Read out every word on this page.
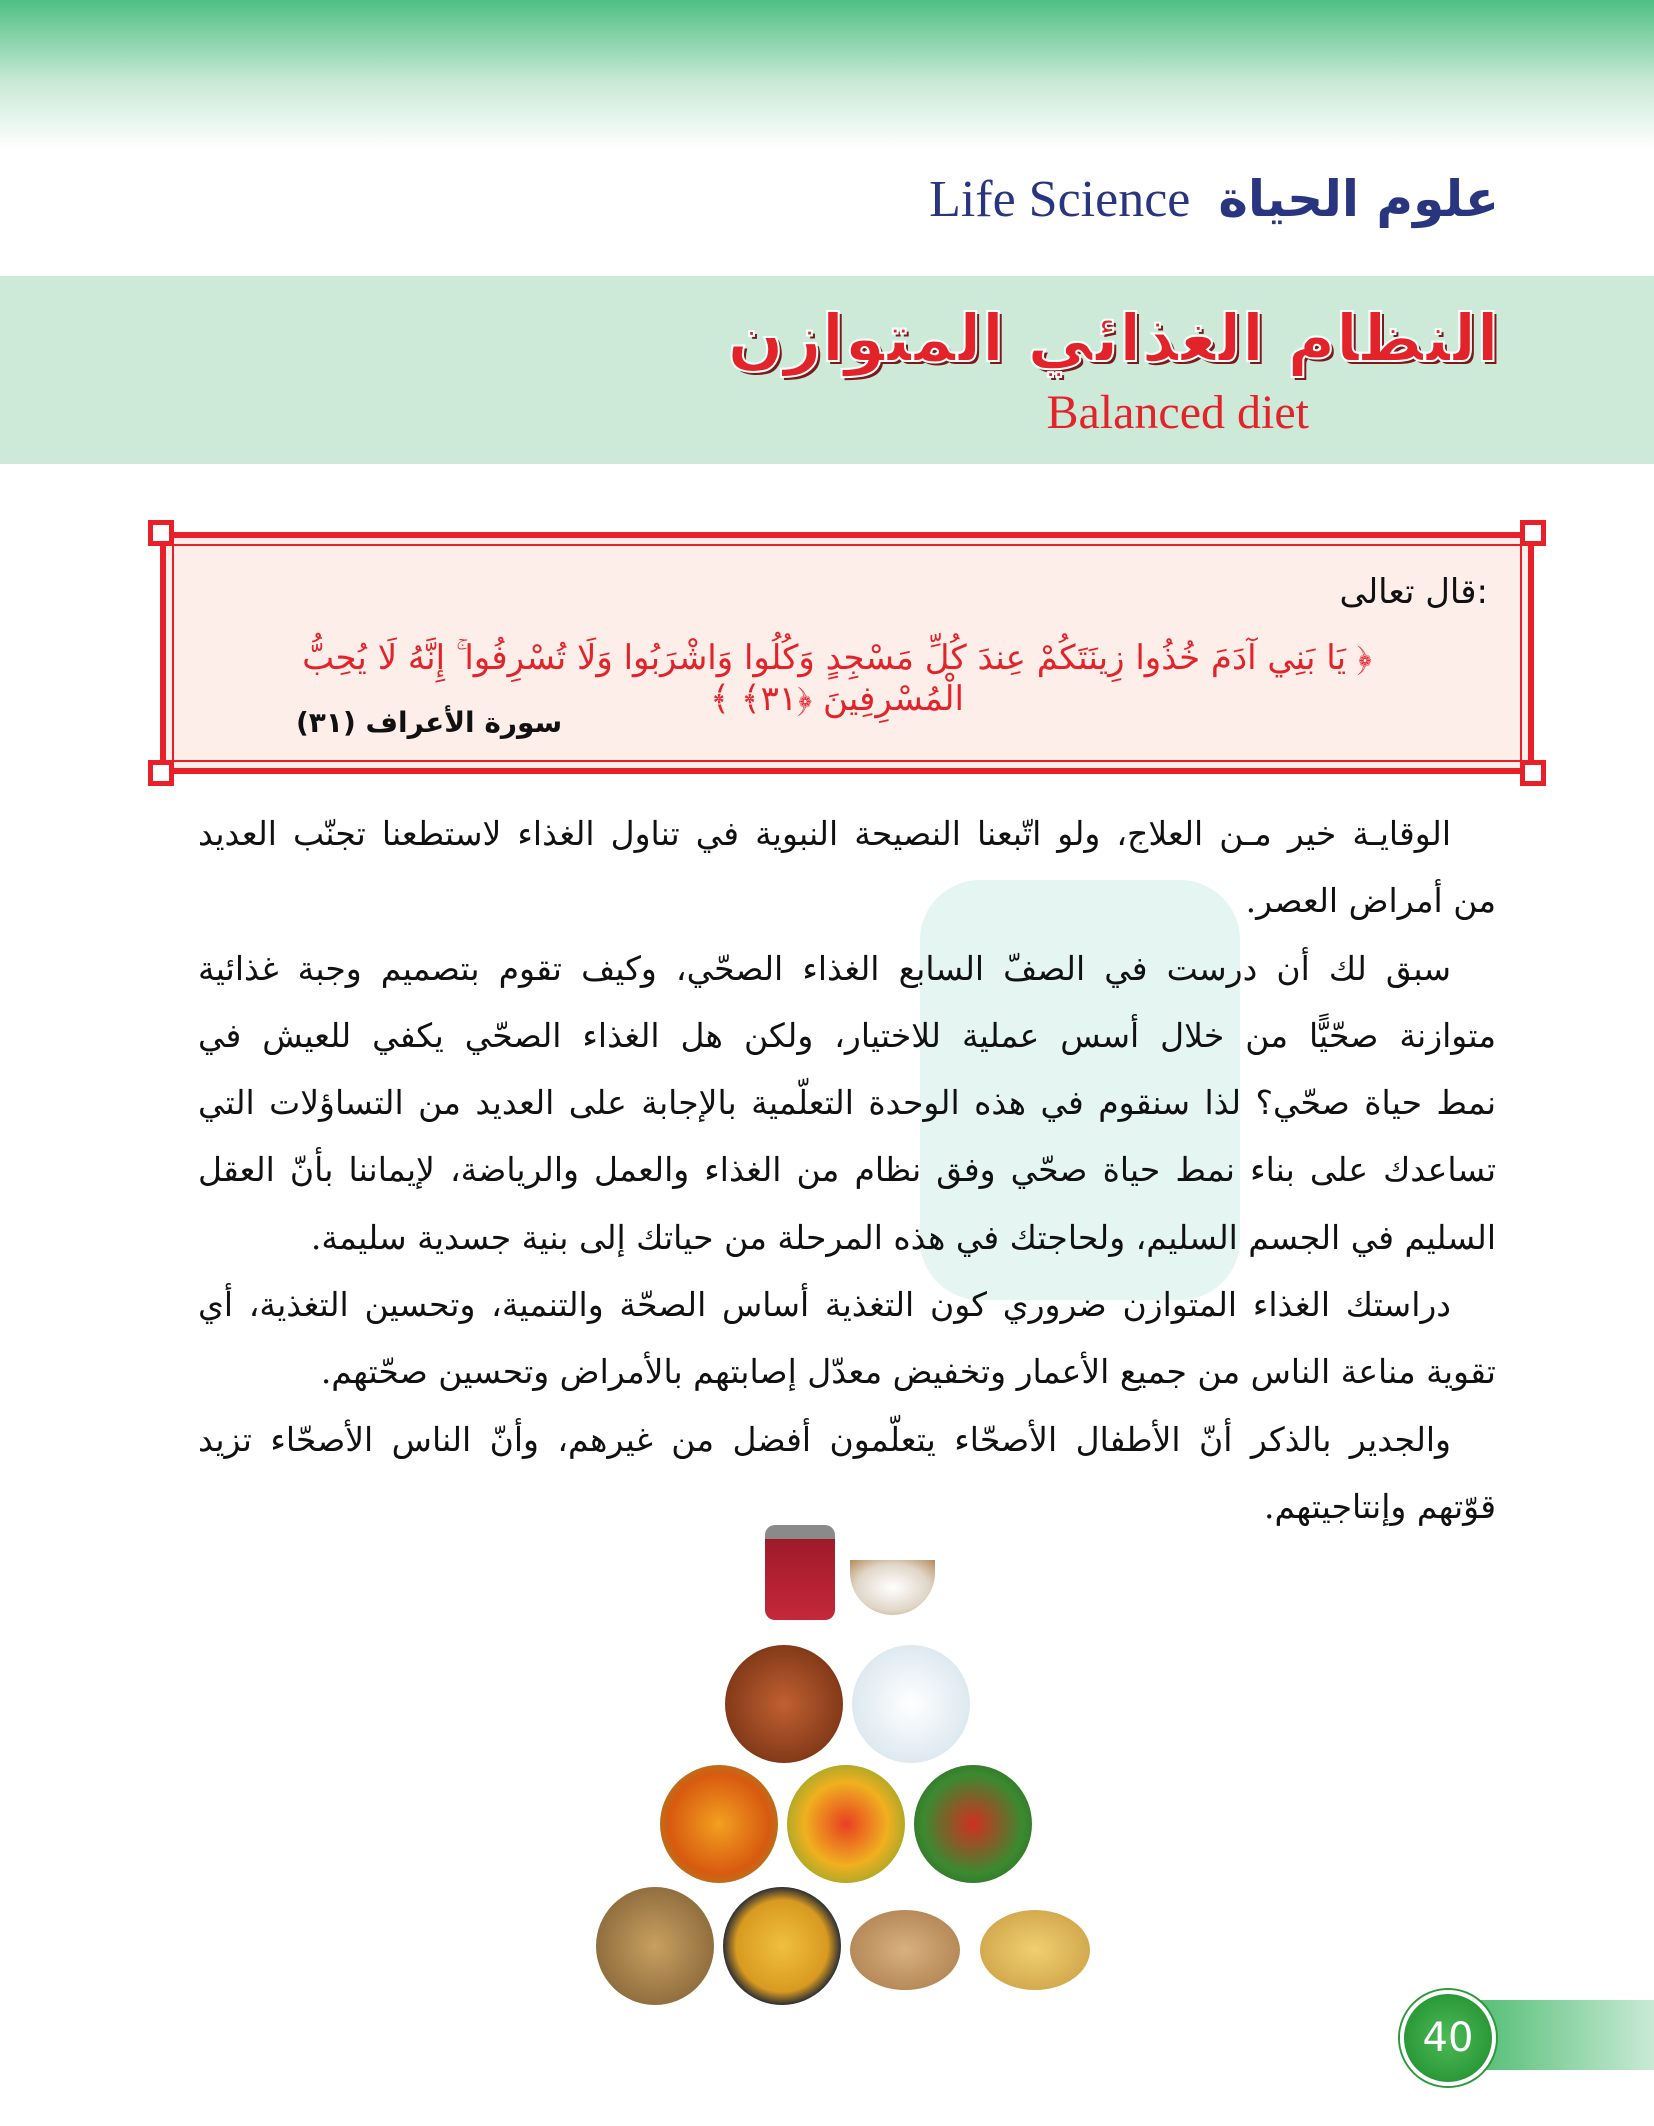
Life Science علوم الحياة
النظام الغذائي المتوازن
Balanced diet
قال تعالى:
﴿ يَا بَنِي آدَمَ خُذُوا زِينَتَكُمْ عِندَ كُلِّ مَسْجِدٍ وَكُلُوا وَاشْرَبُوا وَلَا تُسْرِفُوا ۚ إِنَّهُ لَا يُحِبُّ الْمُسْرِفِينَ ﴿٣١﴾ ﴾
سورة الأعراف (٣١)
الوقايـة خير مـن العلاج، ولو اتّبعنا النصيحة النبوية في تناول الغذاء لاستطعنا تجنّب العديد
من أمراض العصر.
سبق لك أن درست في الصفّ السابع الغذاء الصحّي، وكيف تقوم بتصميم وجبة غذائية
متوازنة صحّيًّا من خلال أسس عملية للاختيار، ولكن هل الغذاء الصحّي يكفي للعيش في
نمط حياة صحّي؟ لذا سنقوم في هذه الوحدة التعلّمية بالإجابة على العديد من التساؤلات التي
تساعدك على بناء نمط حياة صحّي وفق نظام من الغذاء والعمل والرياضة، لإيماننا بأنّ العقل
السليم في الجسم السليم، ولحاجتك في هذه المرحلة من حياتك إلى بنية جسدية سليمة.
دراستك الغذاء المتوازن ضروري كون التغذية أساس الصحّة والتنمية، وتحسين التغذية، أي
تقوية مناعة الناس من جميع الأعمار وتخفيض معدّل إصابتهم بالأمراض وتحسين صحّتهم.
والجدير بالذكر أنّ الأطفال الأصحّاء يتعلّمون أفضل من غيرهم، وأنّ الناس الأصحّاء تزيد
قوّتهم وإنتاجيتهم.
40
